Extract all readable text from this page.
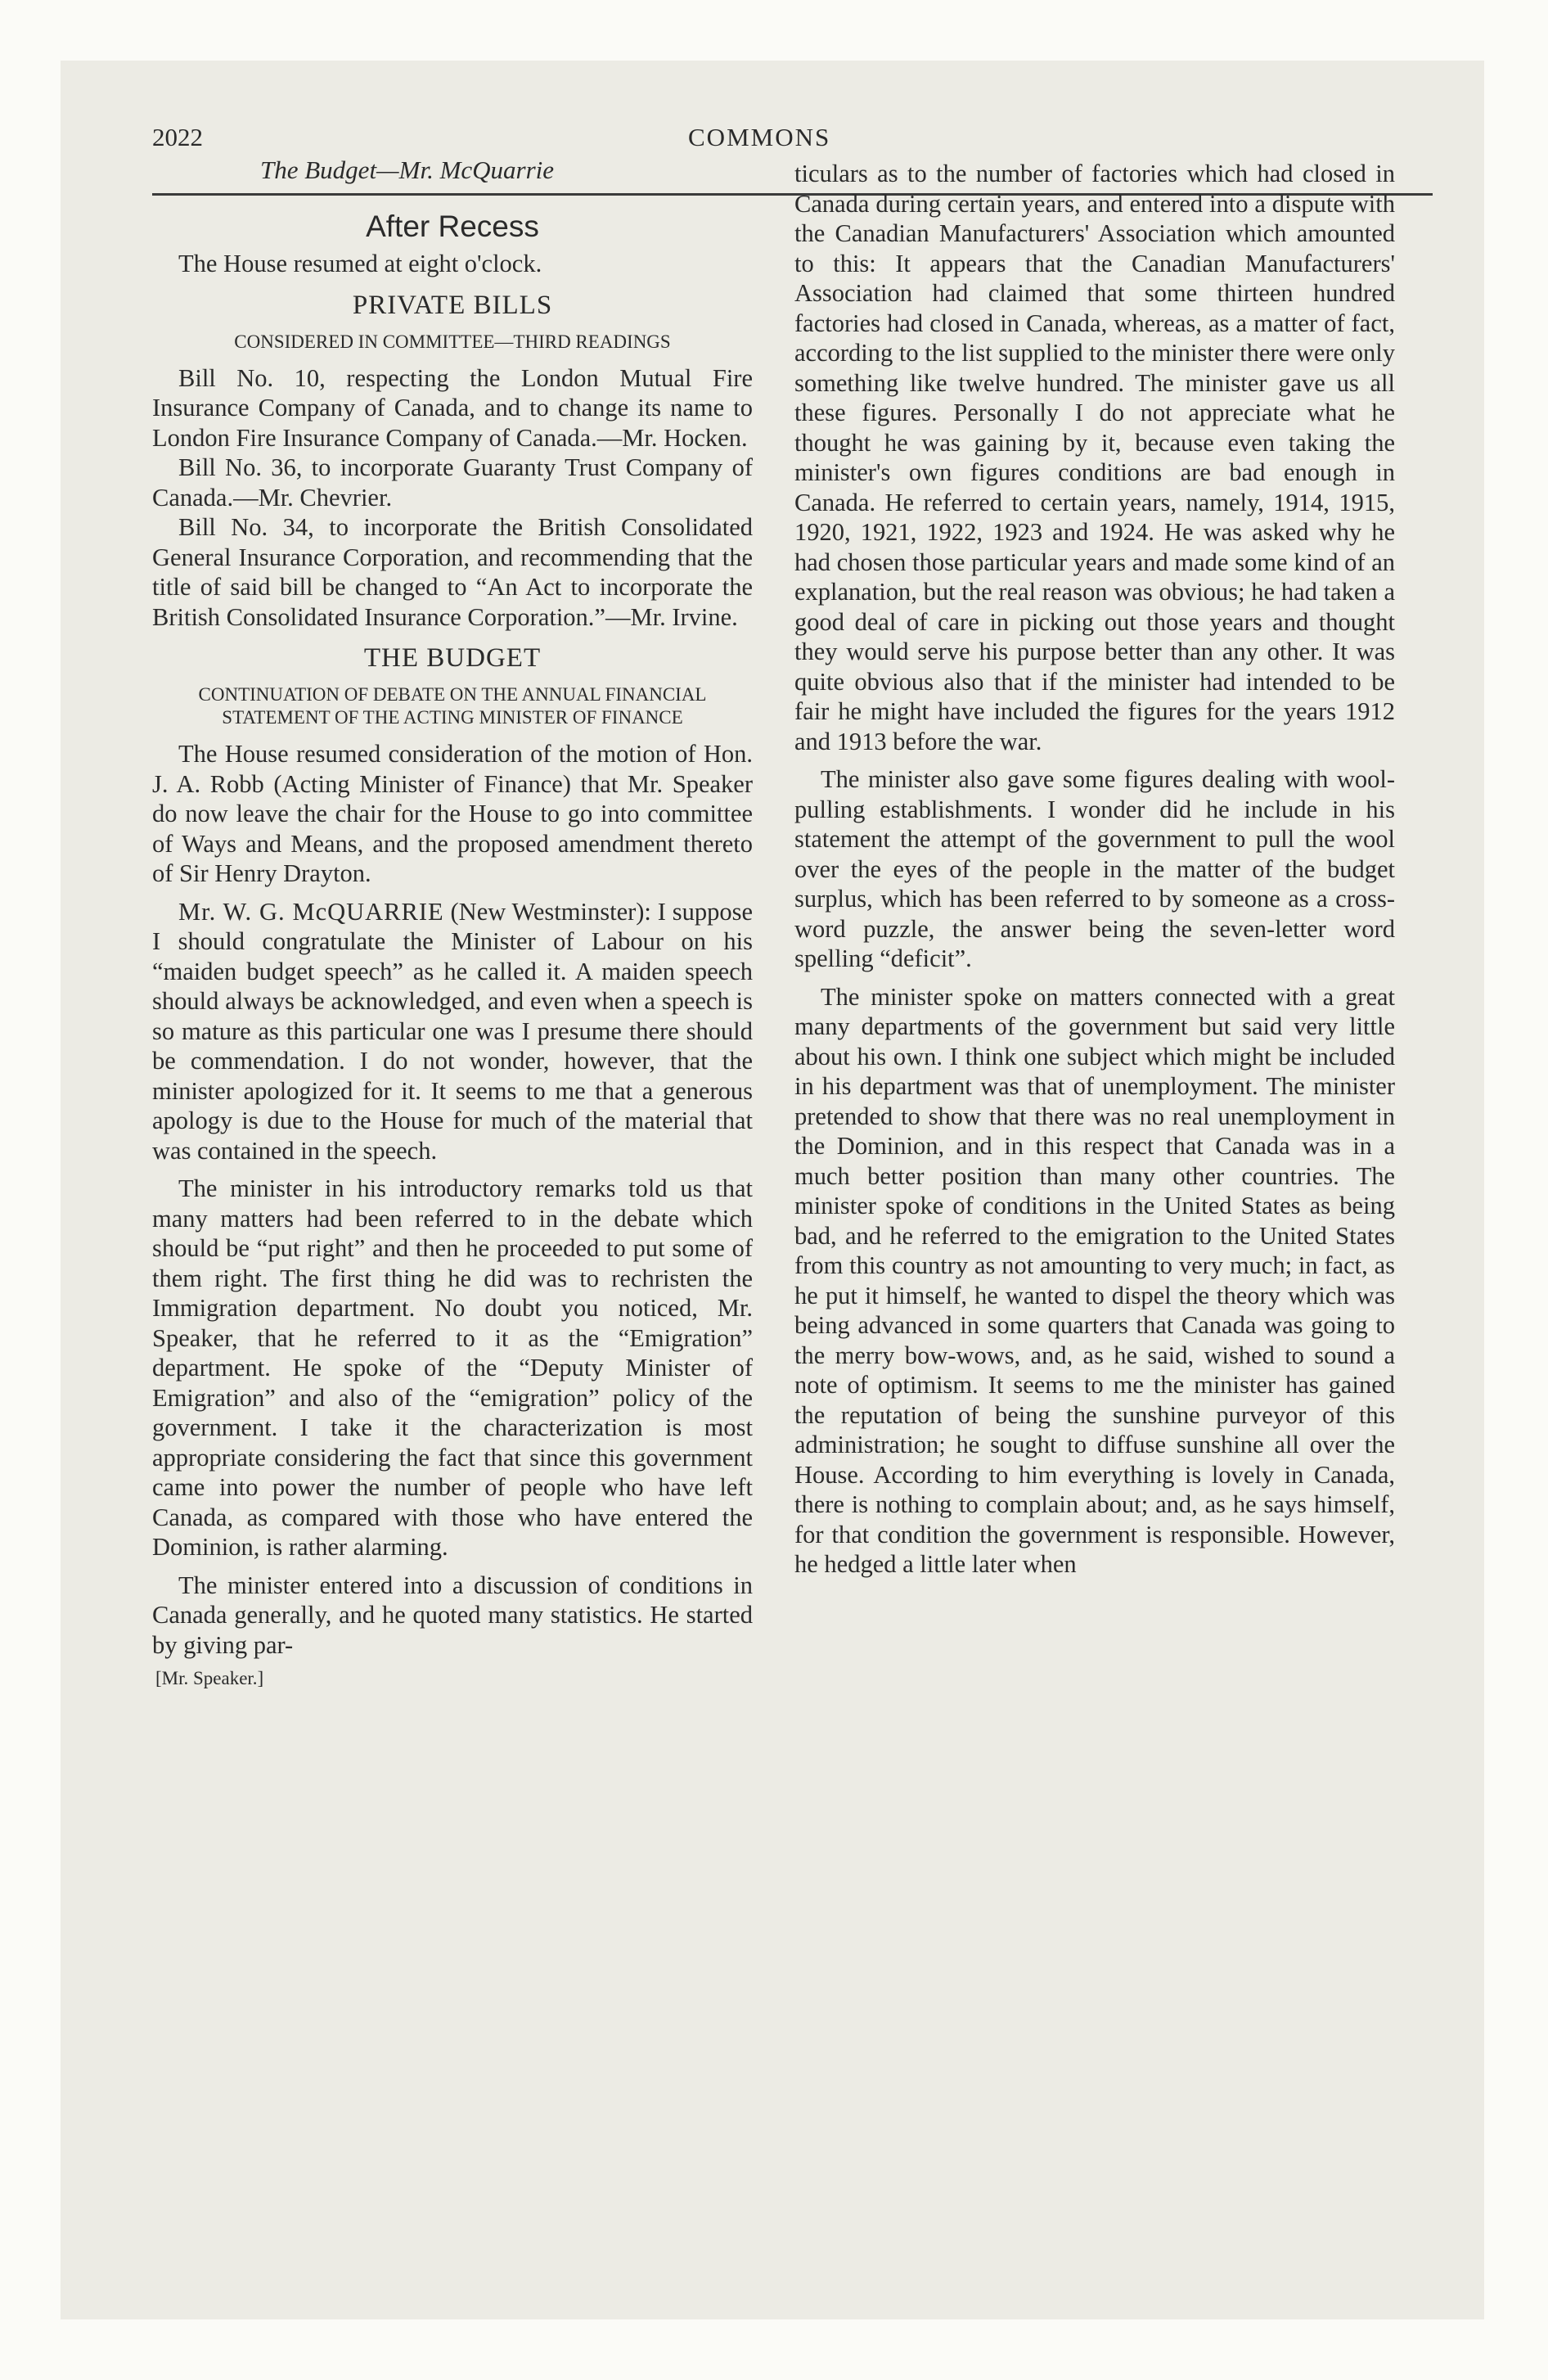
2022
The Budget—Mr. McQuarrie
COMMONS
After Recess

The House resumed at eight o'clock.

PRIVATE BILLS
CONSIDERED IN COMMITTEE—THIRD READINGS

Bill No. 10, respecting the London Mutual Fire Insurance Company of Canada, and to change its name to London Fire Insurance Company of Canada.—Mr. Hocken.

Bill No. 36, to incorporate Guaranty Trust Company of Canada.—Mr. Chevrier.

Bill No. 34, to incorporate the British Consolidated General Insurance Corporation, and recommending that the title of said bill be changed to “An Act to incorporate the British Consolidated Insurance Corporation.”—Mr. Irvine.

THE BUDGET
CONTINUATION OF DEBATE ON THE ANNUAL FINANCIAL STATEMENT OF THE ACTING MINISTER OF FINANCE

The House resumed consideration of the motion of Hon. J. A. Robb (Acting Minister of Finance) that Mr. Speaker do now leave the chair for the House to go into committee of Ways and Means, and the proposed amendment thereto of Sir Henry Drayton.

Mr. W. G. McQUARRIE (New Westminster): I suppose I should congratulate the Minister of Labour on his “maiden budget speech” as he called it. A maiden speech should always be acknowledged, and even when a speech is so mature as this particular one was I presume there should be commendation. I do not wonder, however, that the minister apologized for it. It seems to me that a generous apology is due to the House for much of the material that was contained in the speech.

The minister in his introductory remarks told us that many matters had been referred to in the debate which should be “put right” and then he proceeded to put some of them right. The first thing he did was to rechristen the Immigration department. No doubt you noticed, Mr. Speaker, that he referred to it as the “Emigration” department. He spoke of the “Deputy Minister of Emigration” and also of the “emigration” policy of the government. I take it the characterization is most appropriate considering the fact that since this government came into power the number of people who have left Canada, as compared with those who have entered the Dominion, is rather alarming.

The minister entered into a discussion of conditions in Canada generally, and he quoted many statistics. He started by giving par-

[Mr. Speaker.]

ticulars as to the number of factories which had closed in Canada during certain years, and entered into a dispute with the Canadian Manufacturers' Association which amounted to this: It appears that the Canadian Manufacturers' Association had claimed that some thirteen hundred factories had closed in Canada, whereas, as a matter of fact, according to the list supplied to the minister there were only something like twelve hundred. The minister gave us all these figures. Personally I do not appreciate what he thought he was gaining by it, because even taking the minister's own figures conditions are bad enough in Canada. He referred to certain years, namely, 1914, 1915, 1920, 1921, 1922, 1923 and 1924. He was asked why he had chosen those particular years and made some kind of an explanation, but the real reason was obvious; he had taken a good deal of care in picking out those years and thought they would serve his purpose better than any other. It was quite obvious also that if the minister had intended to be fair he might have included the figures for the years 1912 and 1913 before the war.

The minister also gave some figures dealing with wool-pulling establishments. I wonder did he include in his statement the attempt of the government to pull the wool over the eyes of the people in the matter of the budget surplus, which has been referred to by someone as a cross-word puzzle, the answer being the seven-letter word spelling “deficit”.

The minister spoke on matters connected with a great many departments of the government but said very little about his own. I think one subject which might be included in his department was that of unemployment. The minister pretended to show that there was no real unemployment in the Dominion, and in this respect that Canada was in a much better position than many other countries. The minister spoke of conditions in the United States as being bad, and he referred to the emigration to the United States from this country as not amounting to very much; in fact, as he put it himself, he wanted to dispel the theory which was being advanced in some quarters that Canada was going to the merry bow-wows, and, as he said, wished to sound a note of optimism. It seems to me the minister has gained the reputation of being the sunshine purveyor of this administration; he sought to diffuse sunshine all over the House. According to him everything is lovely in Canada, there is nothing to complain about; and, as he says himself, for that condition the government is responsible. However, he hedged a little later when
